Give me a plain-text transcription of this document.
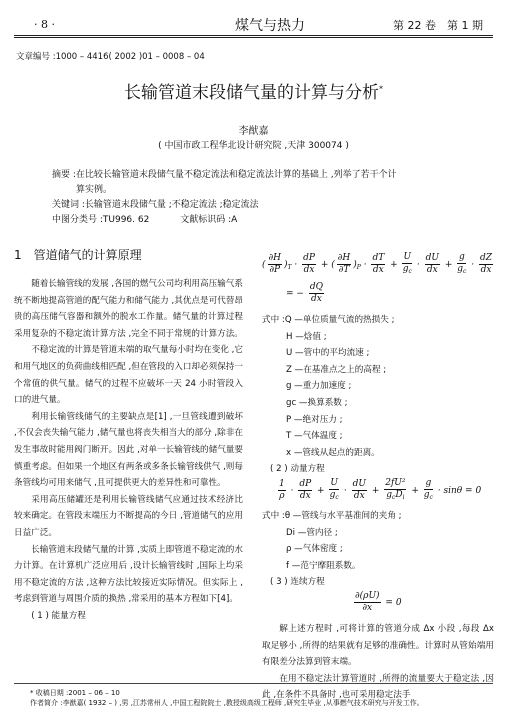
· 8 ·	煤气与热力	第 22 卷　第 1 期
文章编号 :1000 – 4416( 2002 )01 – 0008 – 04
长输管道末段储气量的计算与分析*
李猷嘉
( 中国市政工程华北设计研究院 ,天津 300074 )
摘要 :在比较长输管道末段储气量不稳定流法和稳定流法计算的基础上 ,列举了若干个计
算实例。
关键词 :长输管道末段储气量 ;不稳定流法 ;稳定流法
中图分类号 :TU996. 62	文献标识码 :A
1　管道储气的计算原理

随着长输管线的发展 ,各国的燃气公司均利用高压输气系统不断地提高管道的配气能力和储气能力 ,其优点是可代替昂贵的高压储气容器和额外的脱水工作量。储气量的计算过程采用复杂的不稳定流计算方法 ,完全不同于常规的计算方法。

不稳定流的计算是管道末端的取气量每小时均在变化 ,它和用气地区的负荷曲线相匹配 ,但在管段的入口却必须保持一个常值的供气量。储气的过程不应破坏一天 24 小时管段入口的进气量。

利用长输管线储气的主要缺点是[1] ,一旦管线遭到破坏 ,不仅会丧失输气能力 ,储气量也将丧失相当大的部分 ,除非在发生事故时能用阀门断开。因此 ,对单一长输管线的储气量要慎重考虑。但如果一个地区有两条或多条长输管线供气 ,则每条管线均可用来储气 ,且可提供更大的差异性和可靠性。

采用高压储罐还是利用长输管线储气应通过技术经济比较来确定。在管段末端压力不断提高的今日 ,管道储气的应用日益广泛。

长输管道末段储气量的计算 ,实质上即管道不稳定流的水力计算。在计算机广泛应用后 ,设计长输管线时 ,国际上均采用不稳定流的方法 ,这种方法比较接近实际情况。但实际上 ,考虑到管道与周围介质的换热 ,常采用的基本方程如下[4]。

( 1 ) 能量方程

( $\frac{\partial H}{\partial P} )_T \cdot \frac{dP}{dx}$ + ( $\frac{\partial H}{\partial T} )_P \cdot \frac{dT}{dx} + \frac{U}{g_c} \cdot \frac{dU}{dx} + \frac{g}{g_c} \cdot \frac{dZ}{dx}$
= − $\frac{dQ}{dx}$
式中 :Q —单位质量气流的热损失 ;
H —焓值 ;
U —管中的平均流速 ;
Z —在基准点之上的高程 ;
g —重力加速度 ;
gc —换算系数 ;
P —绝对压力 ;
T —气体温度 ;
x —管线从起点的距离。
( 2 ) 动量方程
$\frac{1}{\rho} \cdot \frac{dP}{dx} + \frac{U}{g_c} \cdot \frac{dU}{dx} + \frac{\text{2fU²}}{g_cD_i} + \frac{g}{g_c} \cdot \sin\theta = 0$
式中 :θ —管线与水平基准间的夹角 ;
Di —管内径 ;
ρ —气体密度 ;
f —范宁摩阻系数。
( 3 ) 连续方程
$\frac{\partial(\rho U)}{\partial x} = 0$
解上述方程时 ,可将计算的管道分成 Δx 小段 ,每段 Δx 取足够小 ,所得的结果就有足够的准确性。计算时从管始端用有限差分法算到管末端。
在用不稳定法计算管道时 ,所得的流量要大于稳定法 ,因此 ,在条件不具备时 ,也可采用稳定法手
* 收稿日期 :2001 – 06 – 10
作者简介 :李猷嘉( 1932 – ) ,男 ,江苏常州人 ,中国工程院院士 ,教授级高级工程师 ,研究生毕业 ,从事燃气技术研究与开发工作。
